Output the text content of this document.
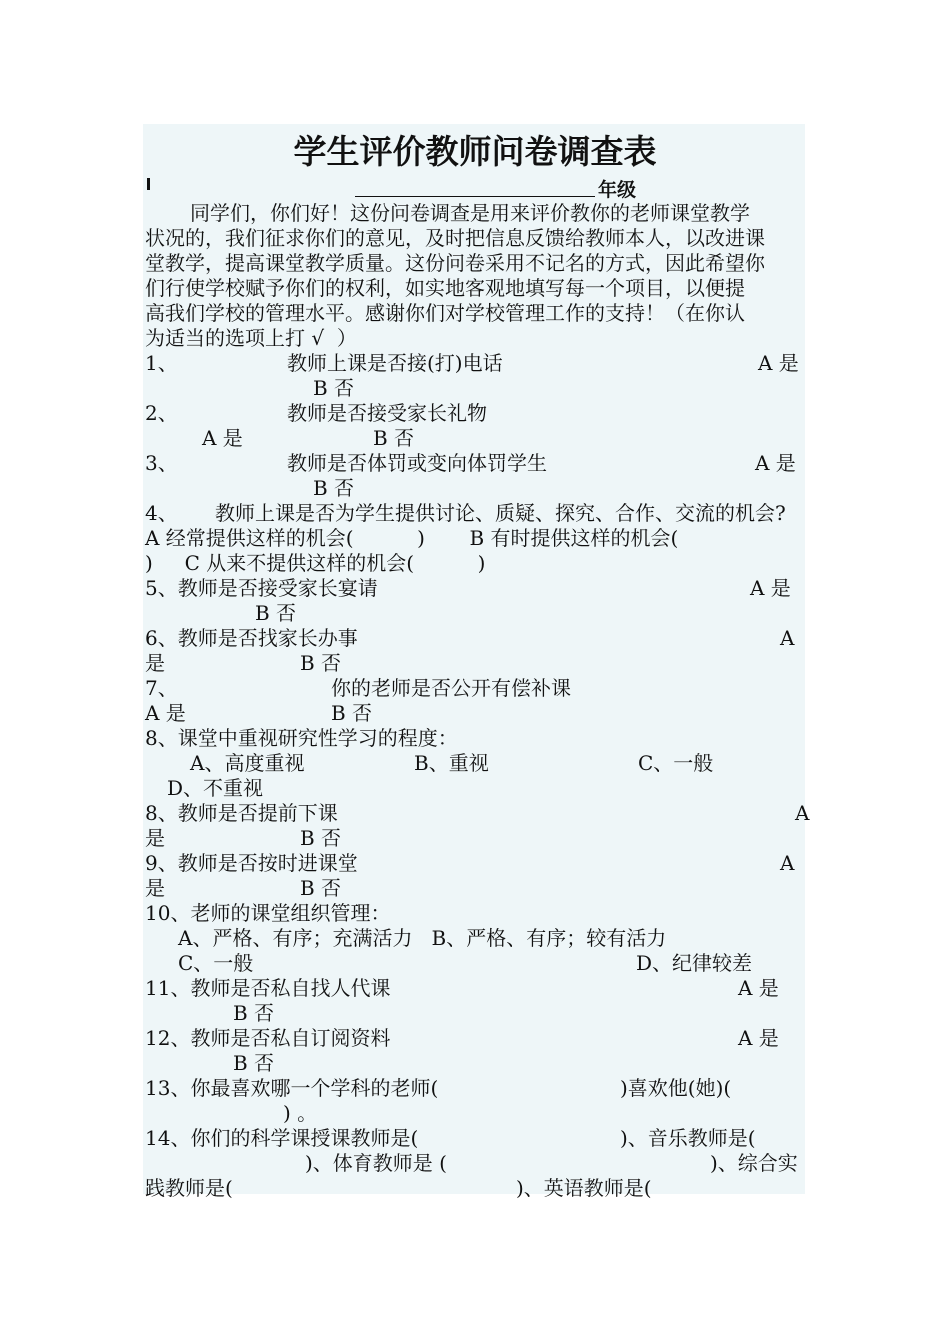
学生评价教师问卷调查表
年级
同学们，你们好！这份问卷调查是用来评价教你的老师课堂教学
状况的，我们征求你们的意见，及时把信息反馈给教师本人，以改进课
堂教学，提高课堂教学质量。这份问卷采用不记名的方式，因此希望你
们行使学校赋予你们的权利，如实地客观地填写每一个项目，以便提
高我们学校的管理水平。感谢你们对学校管理工作的支持！（在你认
为适当的选项上打 √  ）
1、	教师上课是否接(打)电话	A 是
B 否
2、	教师是否接受家长礼物
A 是	B 否
3、	教师是否体罚或变向体罚学生	A 是
B 否
4、 教师上课是否为学生提供讨论、质疑、探究、合作、交流的机会?
A 经常提供这样的机会(          )       B 有时提供这样的机会(
)     C 从来不提供这样的机会(          )
5、教师是否接受家长宴请	A 是
B 否
6、教师是否找家长办事	A
是	B 否
7、	你的老师是否公开有偿补课
A 是	B 否
8、课堂中重视研究性学习的程度：
A、高度重视	B、重视	C、一般
D、不重视
8、教师是否提前下课	A
是	B 否
9、教师是否按时进课堂	A
是	B 否
10、老师的课堂组织管理：
A、严格、有序；充满活力   B、严格、有序；较有活力
C、一般	D、纪律较差
11、教师是否私自找人代课	A 是
B 否
12、教师是否私自订阅资料	A 是
B 否
13、你最喜欢哪一个学科的老师(	)喜欢他(她)(
) 。
14、你们的科学课授课教师是(	)、音乐教师是(
)、体育教师是 (	)、综合实
践教师是(	)、英语教师是(
